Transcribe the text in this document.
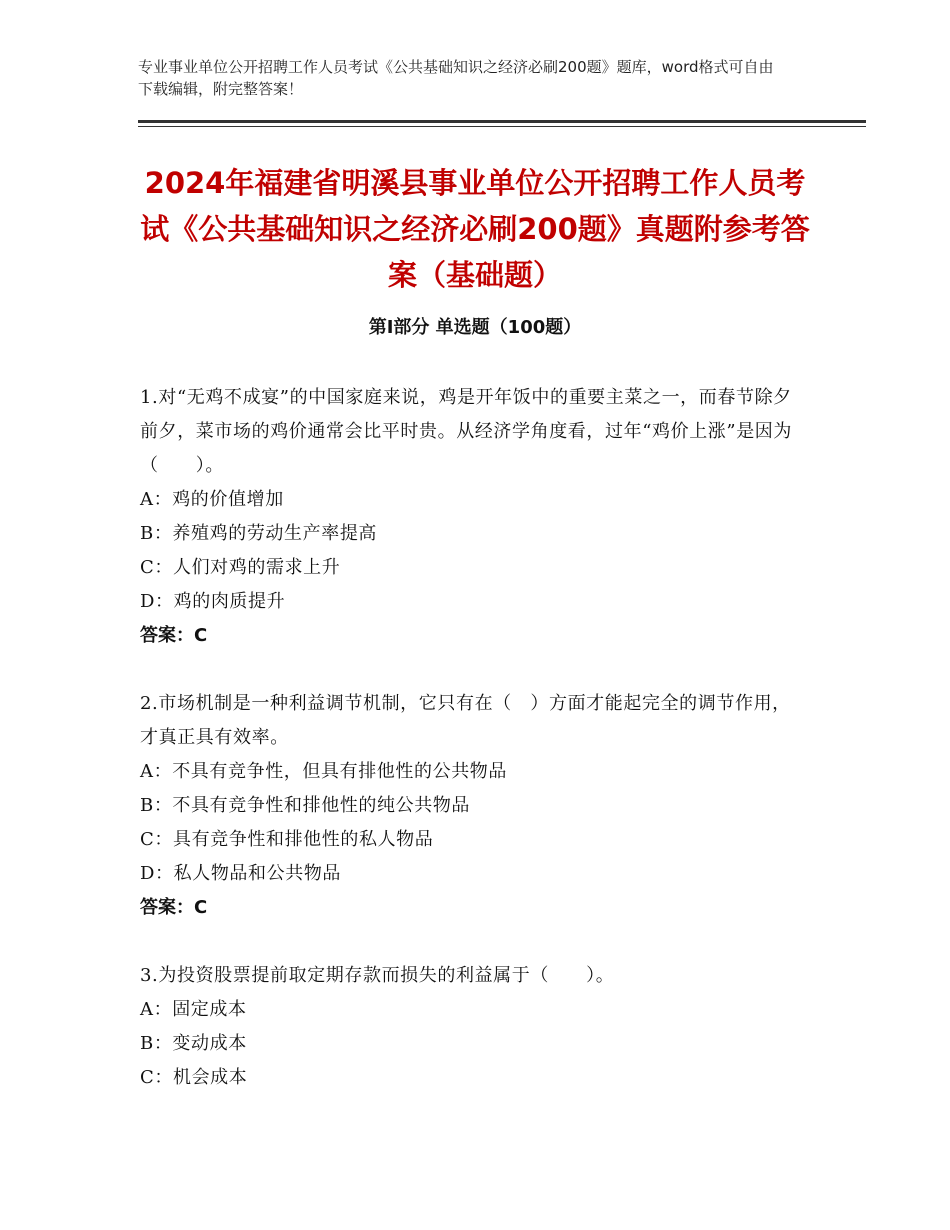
专业事业单位公开招聘工作人员考试《公共基础知识之经济必刷200题》题库，word格式可自由下载编辑，附完整答案！
2024年福建省明溪县事业单位公开招聘工作人员考试《公共基础知识之经济必刷200题》真题附参考答案（基础题）
第Ⅰ部分 单选题（100题）
1.对“无鸡不成宴”的中国家庭来说，鸡是开年饭中的重要主菜之一，而春节除夕前夕，菜市场的鸡价通常会比平时贵。从经济学角度看，过年“鸡价上涨”是因为（　　）。
A：鸡的价值增加
B：养殖鸡的劳动生产率提高
C：人们对鸡的需求上升
D：鸡的肉质提升
答案：C
2.市场机制是一种利益调节机制，它只有在（　）方面才能起完全的调节作用，才真正具有效率。
A：不具有竞争性，但具有排他性的公共物品
B：不具有竞争性和排他性的纯公共物品
C：具有竞争性和排他性的私人物品
D：私人物品和公共物品
答案：C
3.为投资股票提前取定期存款而损失的利益属于（　　）。
A：固定成本
B：变动成本
C：机会成本
